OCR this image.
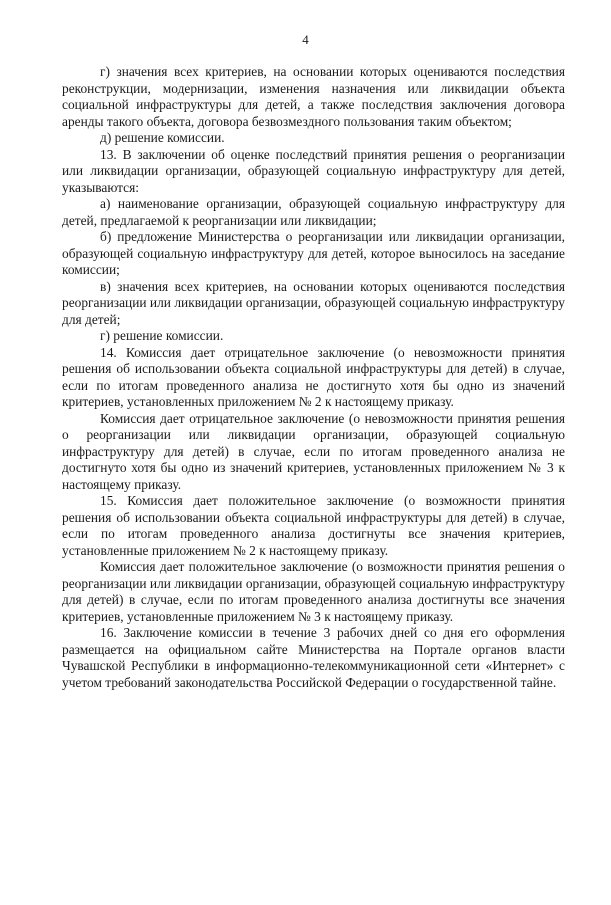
4

г) значения всех критериев, на основании которых оцениваются последствия реконструкции, модернизации, изменения назначения или ликвидации объекта социальной инфраструктуры для детей, а также последствия заключения договора аренды такого объекта, договора безвозмездного пользования таким объектом;

д) решение комиссии.

13. В заключении об оценке последствий принятия решения о реорганизации или ликвидации организации, образующей социальную инфраструктуру для детей, указываются:

а) наименование организации, образующей социальную инфраструктуру для детей, предлагаемой к реорганизации или ликвидации;

б) предложение Министерства о реорганизации или ликвидации организации, образующей социальную инфраструктуру для детей, которое выносилось на заседание комиссии;

в) значения всех критериев, на основании которых оцениваются последствия реорганизации или ликвидации организации, образующей социальную инфраструктуру для детей;

г) решение комиссии.

14. Комиссия дает отрицательное заключение (о невозможности принятия решения об использовании объекта социальной инфраструктуры для детей) в случае, если по итогам проведенного анализа не достигнуто хотя бы одно из значений критериев, установленных приложением № 2 к настоящему приказу.

Комиссия дает отрицательное заключение (о невозможности принятия решения о реорганизации или ликвидации организации, образующей социальную инфраструктуру для детей) в случае, если по итогам проведенного анализа не достигнуто хотя бы одно из значений критериев, установленных приложением № 3 к настоящему приказу.

15. Комиссия дает положительное заключение (о возможности принятия решения об использовании объекта социальной инфраструктуры для детей) в случае, если по итогам проведенного анализа достигнуты все значения критериев, установленные приложением № 2 к настоящему приказу.

Комиссия дает положительное заключение (о возможности принятия решения о реорганизации или ликвидации организации, образующей социальную инфраструктуру для детей) в случае, если по итогам проведенного анализа достигнуты все значения критериев, установленные приложением № 3 к настоящему приказу.

16. Заключение комиссии в течение 3 рабочих дней со дня его оформления размещается на официальном сайте Министерства на Портале органов власти Чувашской Республики в информационно-телекоммуникационной сети «Интернет» с учетом требований законодательства Российской Федерации о государственной тайне.
